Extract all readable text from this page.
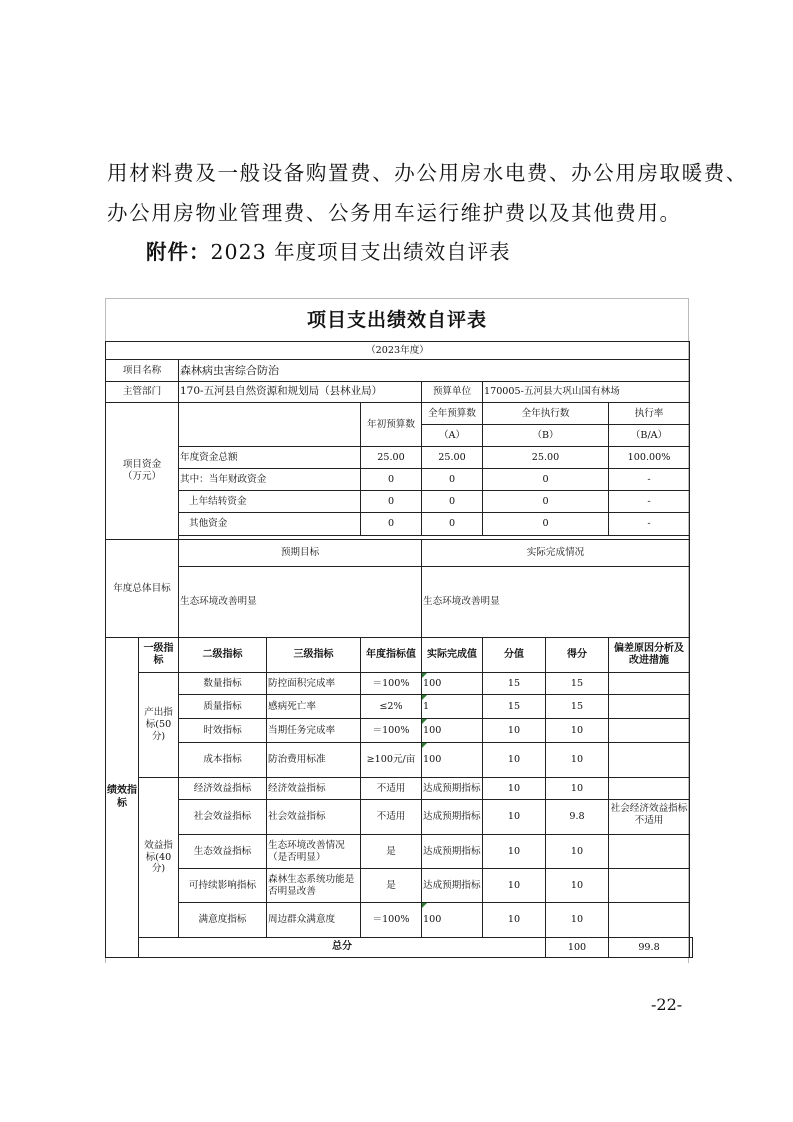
用材料费及一般设备购置费、办公用房水电费、办公用房取暖费、
办公用房物业管理费、公务用车运行维护费以及其他费用。
附件：2023 年度项目支出绩效自评表
项目支出绩效自评表
（2023年度）									
项目名称		森林病虫害综合防治							
主管部门		170-五河县自然资源和规划局（县林业局）			预算单位	170005-五河县大巩山国有林场			
项目资金（万元）				年初预算数	全年预算数	全年执行数		执行率	
					（A）	（B）		（B/A）	
		年度资金总额		25.00	25.00	25.00		100.00%	
		其中：当年财政资金		0	0	0		-	
		上年结转资金		0	0	0		-	
		其他资金		0	0	0		-	

年度总体目标		预期目标			实际完成情况				
		生态环境改善明显			生态环境改善明显				
绩效指标	一级指标	二级指标	三级指标	年度指标值	实际完成值	分值	得分	偏差原因分析及改进措施	
	产出指标(50分)	数量指标	防控面积完成率	＝100%	100	15	15		
		质量指标	感病死亡率	≤2%	1	15	15		
		时效指标	当期任务完成率	＝100%	100	10	10		
		成本指标	防治费用标准	≥100元/亩	100	10	10		
	效益指标(40分)	经济效益指标	经济效益指标	不适用	达成预期指标	10	10		
		社会效益指标	社会效益指标	不适用	达成预期指标	10	9.8	社会经济效益指标不适用	
		生态效益指标	生态环境改善情况（是否明显）	是	达成预期指标	10	10		
		可持续影响指标	森林生态系统功能是否明显改善	是	达成预期指标	10	10		
		满意度指标	周边群众满意度	＝100%	100	10	10		
	总分						100	99.8	
-22-
